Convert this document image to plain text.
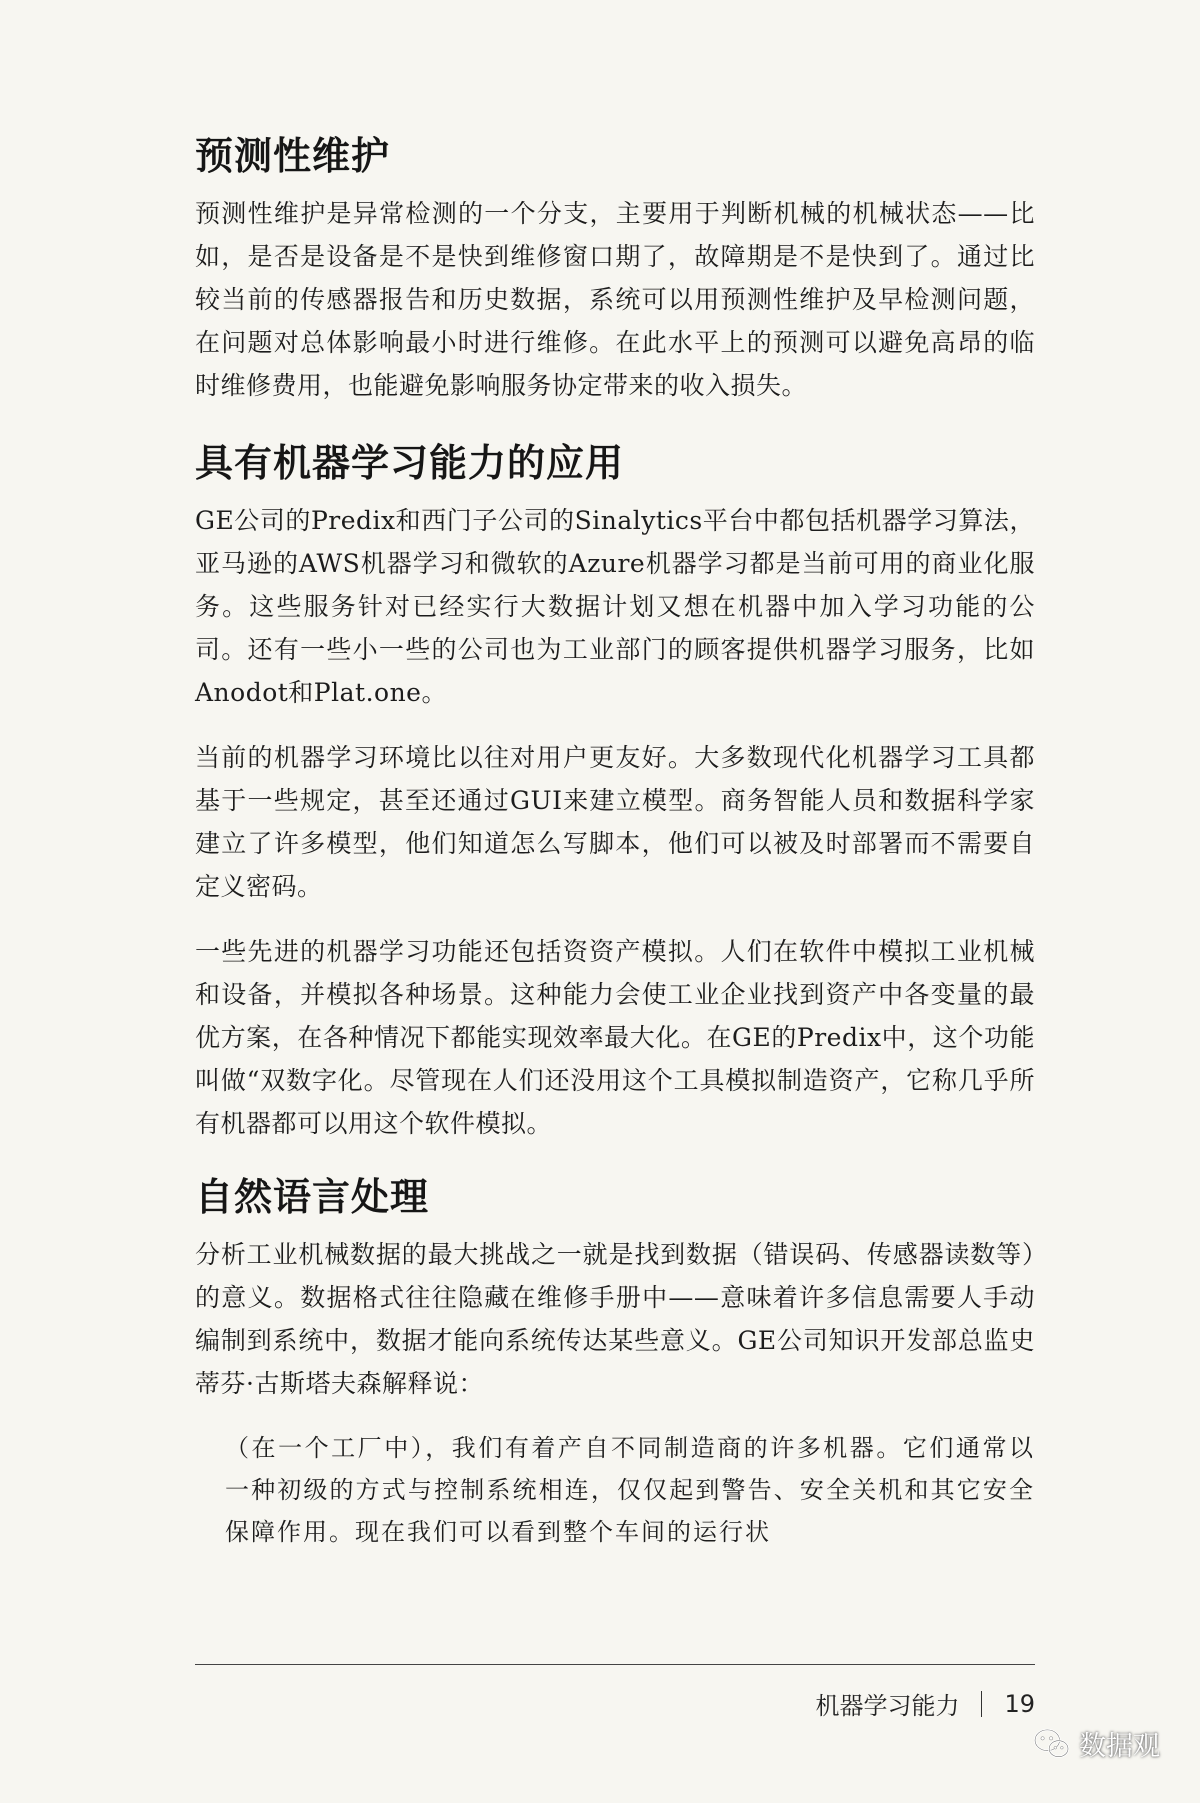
预测性维护

预测性维护是异常检测的一个分支，主要用于判断机械的机械状态——比如，是否是设备是不是快到维修窗口期了，故障期是不是快到了。通过比较当前的传感器报告和历史数据，系统可以用预测性维护及早检测问题，在问题对总体影响最小时进行维修。在此水平上的预测可以避免高昂的临时维修费用，也能避免影响服务协定带来的收入损失。

具有机器学习能力的应用

GE公司的Predix和西门子公司的Sinalytics平台中都包括机器学习算法，亚马逊的AWS机器学习和微软的Azure机器学习都是当前可用的商业化服务。这些服务针对已经实行大数据计划又想在机器中加入学习功能的公司。还有一些小一些的公司也为工业部门的顾客提供机器学习服务，比如Anodot和Plat.one。

当前的机器学习环境比以往对用户更友好。大多数现代化机器学习工具都基于一些规定，甚至还通过GUI来建立模型。商务智能人员和数据科学家建立了许多模型，他们知道怎么写脚本，他们可以被及时部署而不需要自定义密码。

一些先进的机器学习功能还包括资资产模拟。人们在软件中模拟工业机械和设备，并模拟各种场景。这种能力会使工业企业找到资产中各变量的最优方案，在各种情况下都能实现效率最大化。在GE的Predix中，这个功能叫做“双数字化。尽管现在人们还没用这个工具模拟制造资产，它称几乎所有机器都可以用这个软件模拟。

自然语言处理

分析工业机械数据的最大挑战之一就是找到数据（错误码、传感器读数等）的意义。数据格式往往隐藏在维修手册中——意味着许多信息需要人手动编制到系统中，数据才能向系统传达某些意义。GE公司知识开发部总监史蒂芬·古斯塔夫森解释说：

（在一个工厂中），我们有着产自不同制造商的许多机器。它们通常以一种初级的方式与控制系统相连，仅仅起到警告、安全关机和其它安全保障作用。现在我们可以看到整个车间的运行状
机器学习能力 19
数据观
